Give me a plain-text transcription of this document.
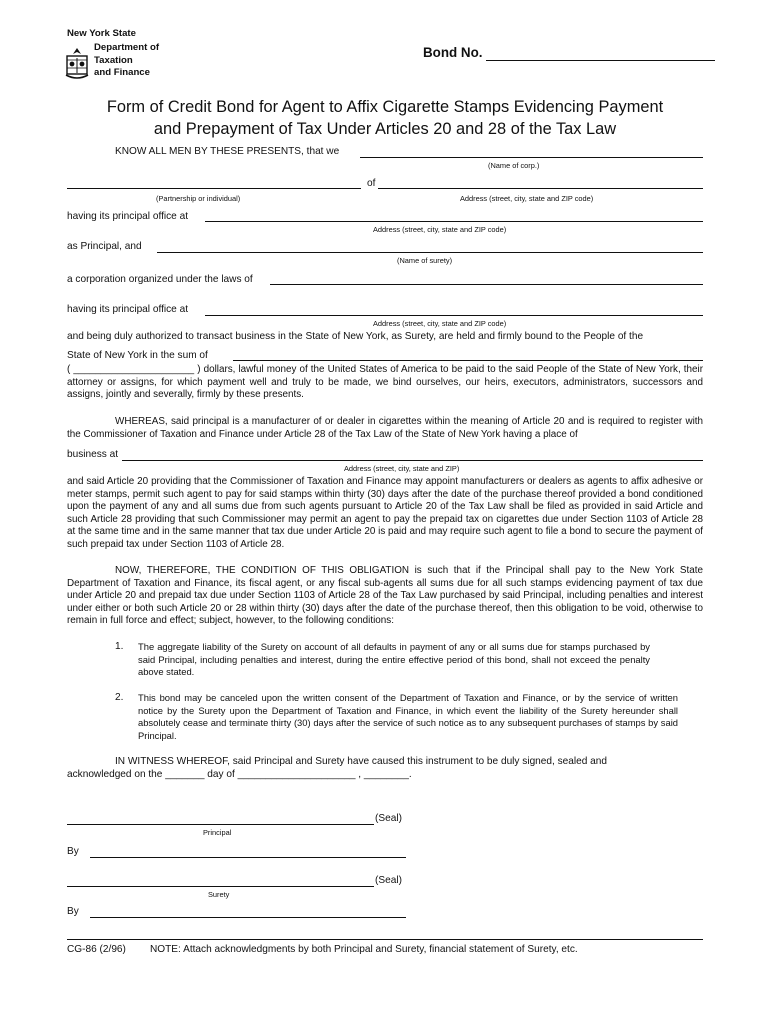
New York State
Department of
Taxation
and Finance
Bond No.
Form of Credit Bond for Agent to Affix Cigarette Stamps Evidencing Payment
and Prepayment of Tax Under Articles 20 and 28 of the Tax Law
KNOW ALL MEN BY THESE PRESENTS, that we
(Name of corp.)
of
(Partnership or individual)	Address (street, city, state and ZIP code)
having its principal office at
Address (street, city, state and ZIP code)
as Principal, and
(Name of surety)
a corporation organized under the laws of
having its principal office at
Address (street, city, state and ZIP code)
and being duly authorized to transact business in the State of New York, as Surety, are held and firmly bound to the People of the
State of New York in the sum of
( ______________________ ) dollars, lawful money of the United States of America to be paid to the said People of the State of New York, their attorney or assigns, for which payment well and truly to be made, we bind ourselves, our heirs, executors, administrators, successors and assigns, jointly and severally, firmly by these presents.
WHEREAS, said principal is a manufacturer of or dealer in cigarettes within the meaning of Article 20 and is required to register with the Commissioner of Taxation and Finance under Article 28 of the Tax Law of the State of New York having a place of
business at
Address (street, city, state and ZIP)
and said Article 20 providing that the Commissioner of Taxation and Finance may appoint manufacturers or dealers as agents to affix adhesive or meter stamps, permit such agent to pay for said stamps within thirty (30) days after the date of the purchase thereof provided a bond conditioned upon the payment of any and all sums due from such agents pursuant to Article 20 of the Tax Law shall be filed as provided in said Article and such Article 28 providing that such Commissioner may permit an agent to pay the prepaid tax on cigarettes due under Section 1103 of Article 28 at the same time and in the same manner that tax due under Article 20 is paid and may require such agent to file a bond to secure the payment of such prepaid tax under Section 1103 of Article 28.
NOW, THEREFORE, THE CONDITION OF THIS OBLIGATION is such that if the Principal shall pay to the New York State Department of Taxation and Finance, its fiscal agent, or any fiscal sub-agents all sums due for all such stamps evidencing payment of tax due under Article 20 and prepaid tax due under Section 1103 of Article 28 of the Tax Law purchased by said Principal, including penalties and interest under either or both such Article 20 or 28 within thirty (30) days after the date of the purchase thereof, then this obligation to be void, otherwise to remain in full force and effect; subject, however, to the following conditions:
1. The aggregate liability of the Surety on account of all defaults in payment of any or all sums due for stamps purchased by said Principal, including penalties and interest, during the entire effective period of this bond, shall not exceed the penalty above stated.
2. This bond may be canceled upon the written consent of the Department of Taxation and Finance, or by the service of written notice by the Surety upon the Department of Taxation and Finance, in which event the liability of the Surety hereunder shall absolutely cease and terminate thirty (30) days after the service of such notice as to any subsequent purchases of stamps by said Principal.
IN WITNESS WHEREOF, said Principal and Surety have caused this instrument to be duly signed, sealed and
acknowledged on the _______ day of _____________________ , ________.
(Seal)
Principal
By
(Seal)
Surety
By
CG-86 (2/96) NOTE: Attach acknowledgments by both Principal and Surety, financial statement of Surety, etc.
